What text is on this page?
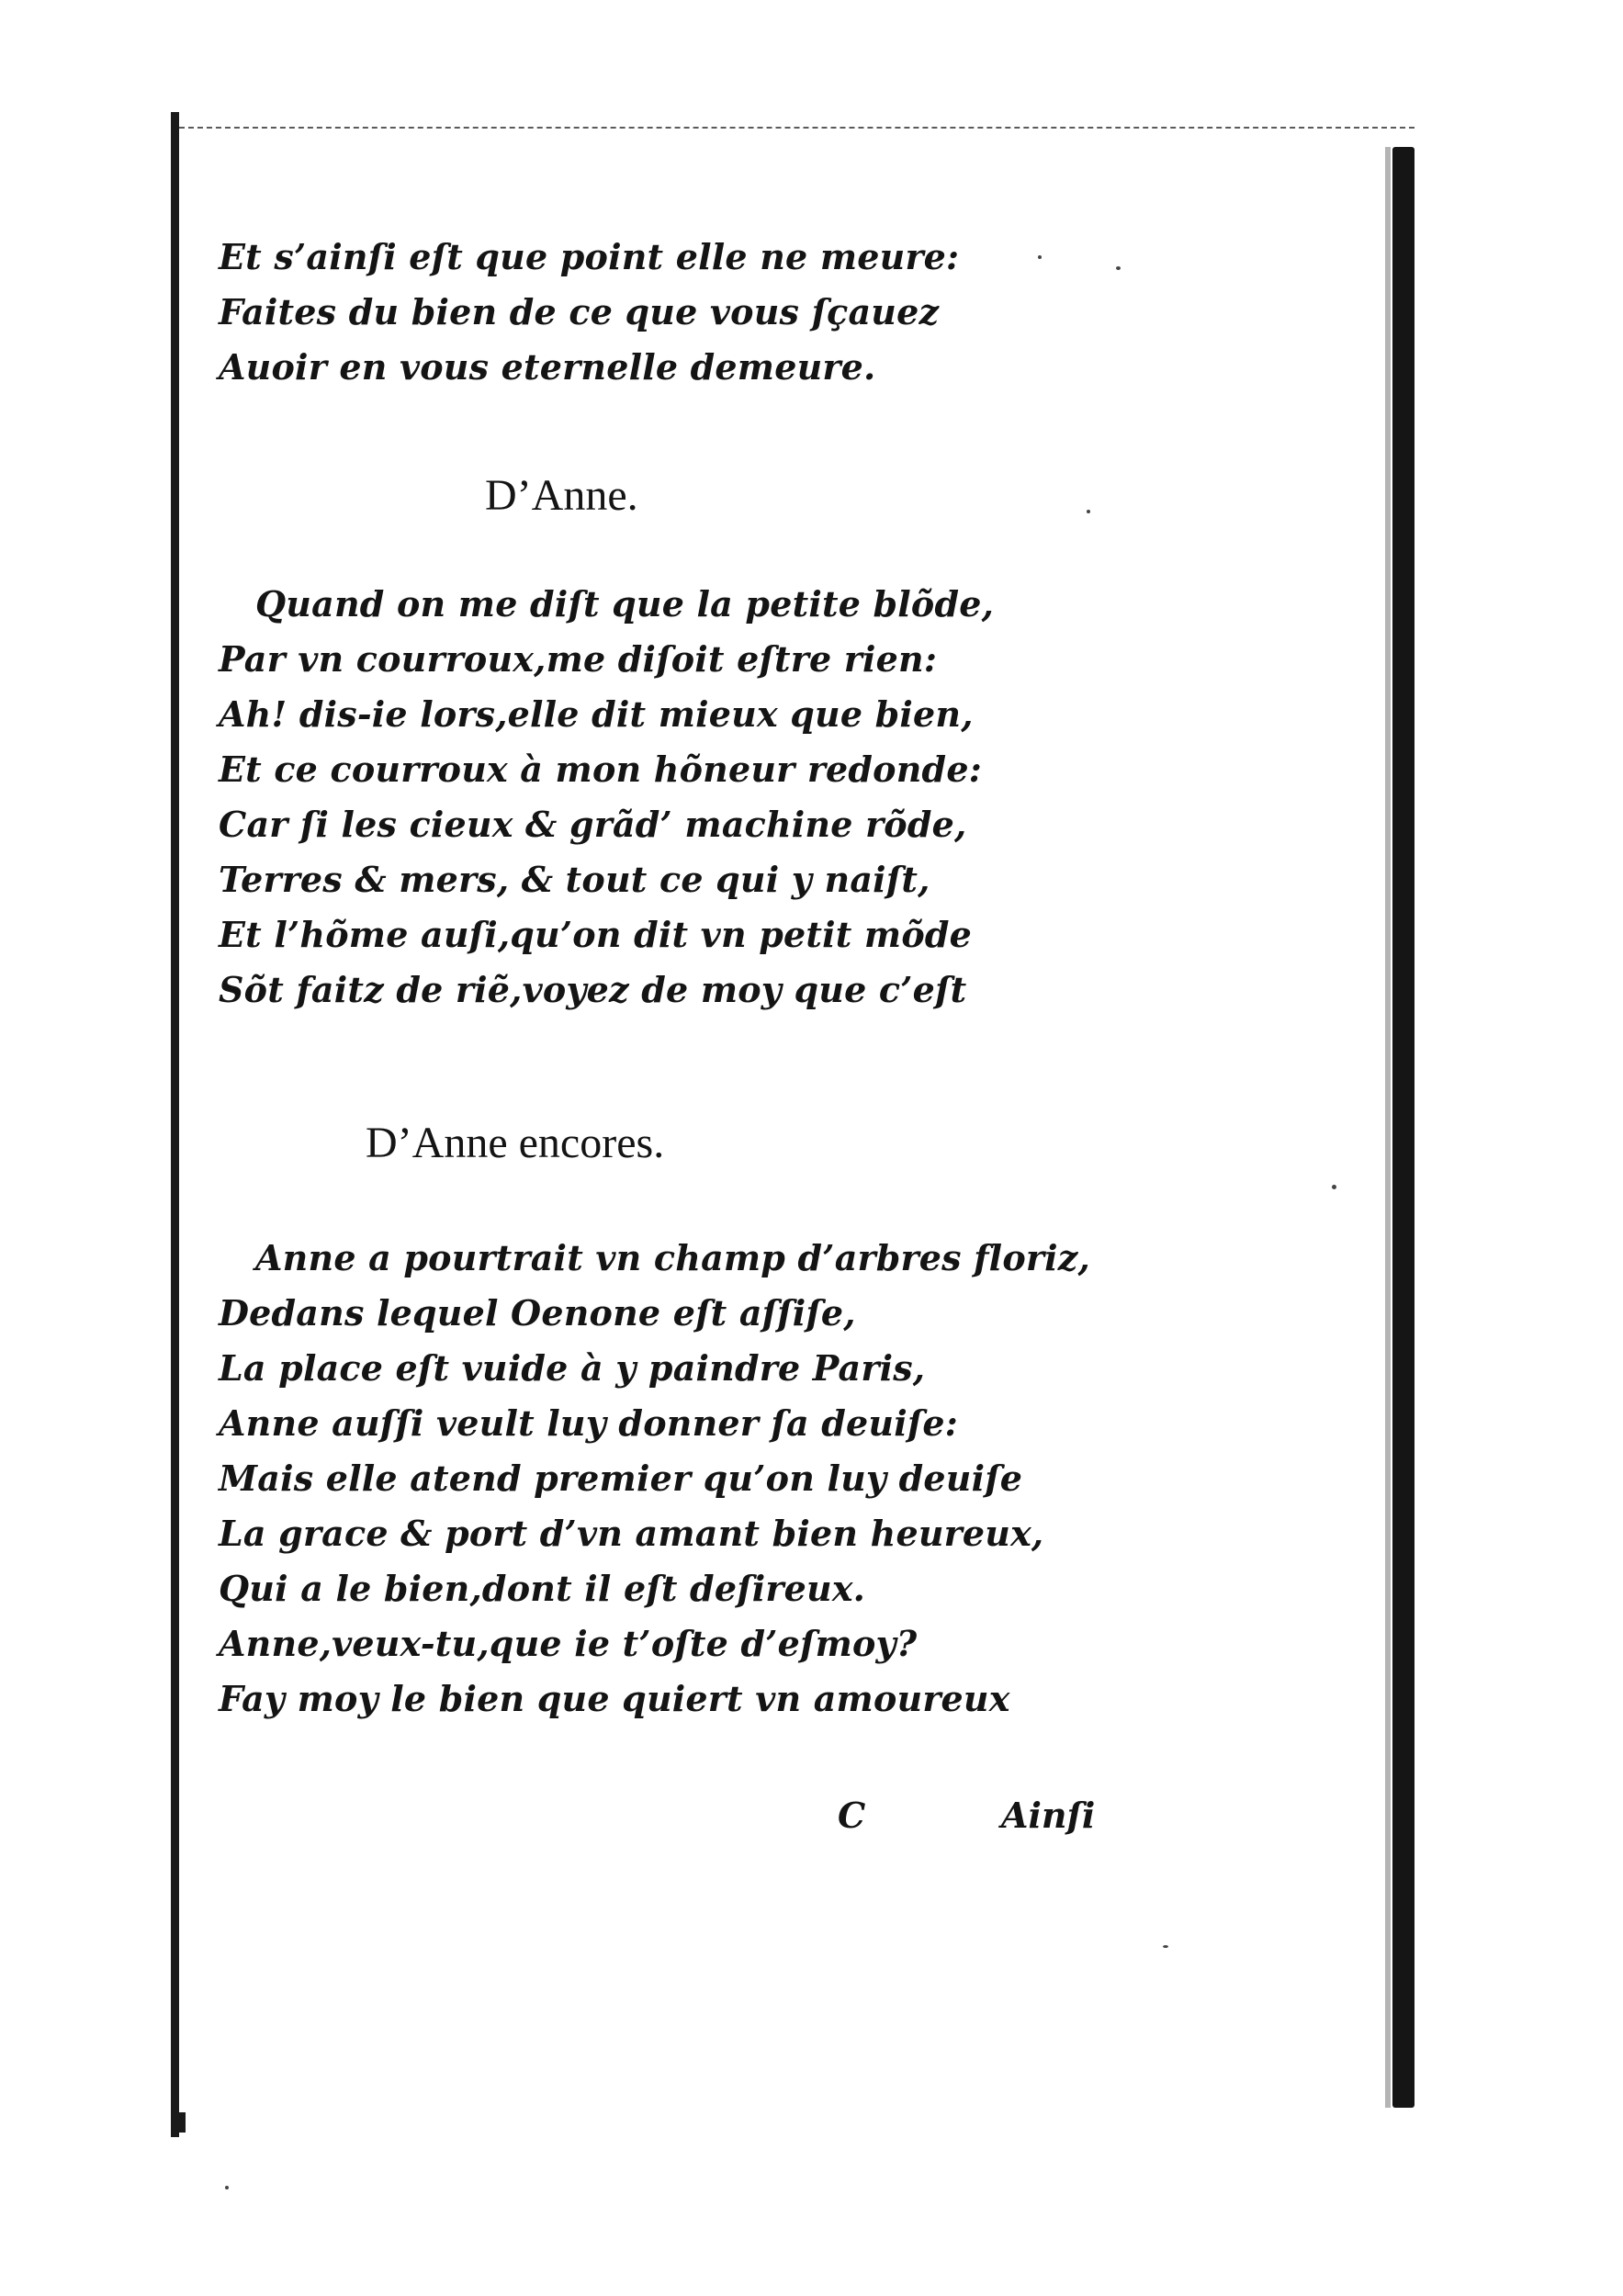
Et s’ainſi eſt que point elle ne meure:
Faites du bien de ce que vous ſçauez
Auoir en vous eternelle demeure.
D’Anne.
Quand on me diſt que la petite blõde,
Par vn courroux,me diſoit eſtre rien:
Ah! dis-ie lors,elle dit mieux que bien,
Et ce courroux à mon hõneur redonde:
Car ſi les cieux & grãd’ machine rõde,
Terres & mers, & tout ce qui y naiſt,
Et l’hõme auſi,qu’on dit vn petit mõde
Sõt faitz de riẽ,voyez de moy que c’eſt
D’Anne encores.
Anne a pourtrait vn champ d’arbres floriz,
Dedans lequel Oenone eſt aſſiſe,
La place eſt vuide à y paindre Paris,
Anne auſſi veult luy donner ſa deuiſe:
Mais elle atend premier qu’on luy deuiſe
La grace & port d’vn amant bien heureux,
Qui a le bien,dont il eſt deſireux.
Anne,veux-tu,que ie t’oſte d’eſmoy?
Fay moy le bien que quiert vn amoureux
C	Ainſi
